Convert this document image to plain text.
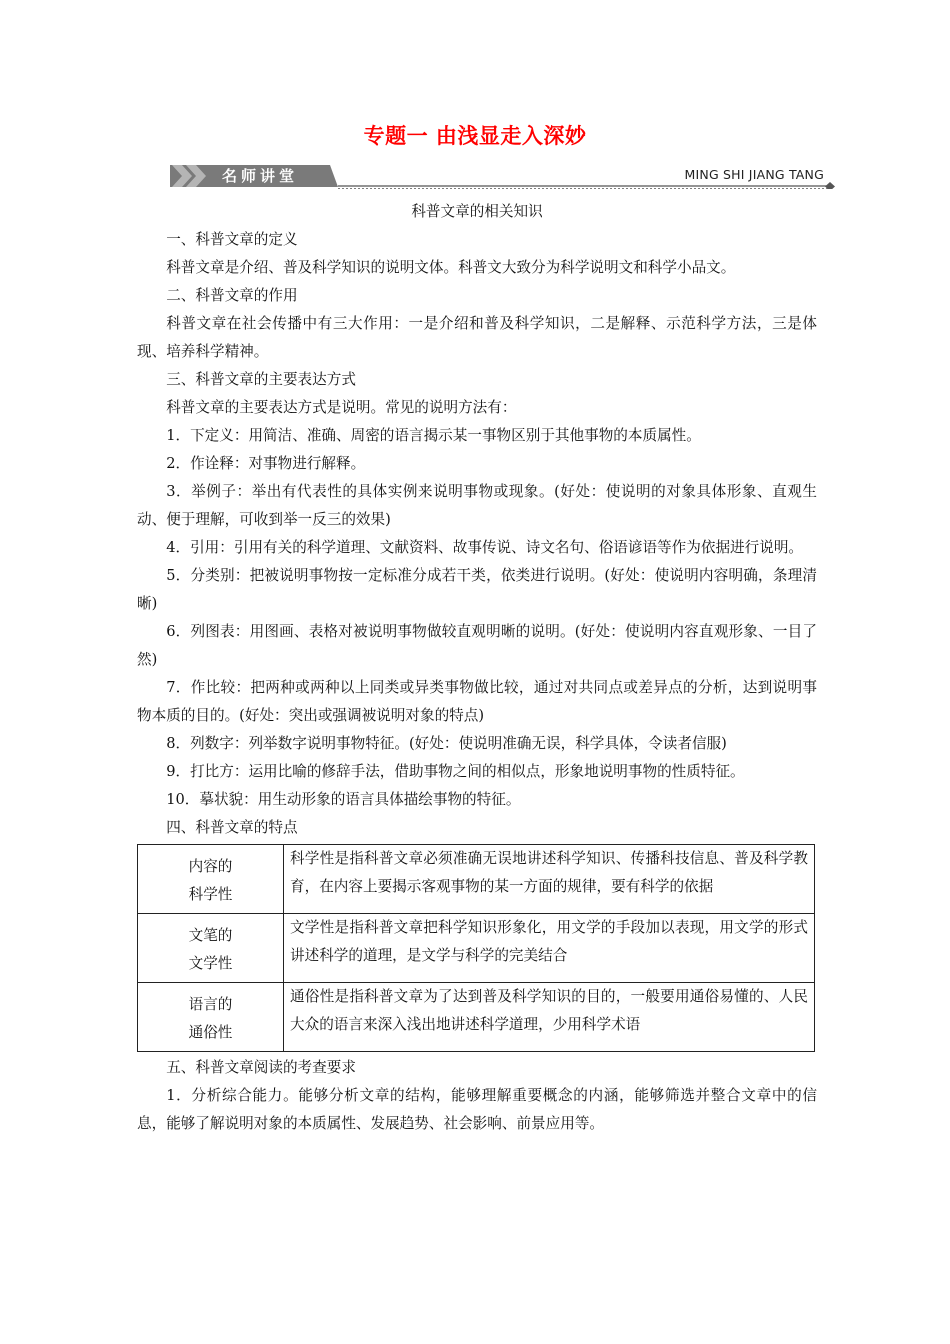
专题一 由浅显走入深妙
名师讲堂	MING SHI JIANG TANG
科普文章的相关知识

一、科普文章的定义

科普文章是介绍、普及科学知识的说明文体。科普文大致分为科学说明文和科学小品文。

二、科普文章的作用

科普文章在社会传播中有三大作用：一是介绍和普及科学知识，二是解释、示范科学方法，三是体现、培养科学精神。

三、科普文章的主要表达方式

科普文章的主要表达方式是说明。常见的说明方法有：

1．下定义：用简洁、准确、周密的语言揭示某一事物区别于其他事物的本质属性。

2．作诠释：对事物进行解释。

3．举例子：举出有代表性的具体实例来说明事物或现象。(好处：使说明的对象具体形象、直观生动、便于理解，可收到举一反三的效果)

4．引用：引用有关的科学道理、文献资料、故事传说、诗文名句、俗语谚语等作为依据进行说明。

5．分类别：把被说明事物按一定标准分成若干类，依类进行说明。(好处：使说明内容明确，条理清晰)

6．列图表：用图画、表格对被说明事物做较直观明晰的说明。(好处：使说明内容直观形象、一目了然)

7．作比较：把两种或两种以上同类或异类事物做比较，通过对共同点或差异点的分析，达到说明事物本质的目的。(好处：突出或强调被说明对象的特点)

8．列数字：列举数字说明事物特征。(好处：使说明准确无误，科学具体，令读者信服)

9．打比方：运用比喻的修辞手法，借助事物之间的相似点，形象地说明事物的性质特征。

10．摹状貌：用生动形象的语言具体描绘事物的特征。

四、科普文章的特点

内容的
科学性	科学性是指科普文章必须准确无误地讲述科学知识、传播科技信息、普及科学教育，在内容上要揭示客观事物的某一方面的规律，要有科学的依据

文笔的
文学性	文学性是指科普文章把科学知识形象化，用文学的手段加以表现，用文学的形式讲述科学的道理，是文学与科学的完美结合

语言的
通俗性	通俗性是指科普文章为了达到普及科学知识的目的，一般要用通俗易懂的、人民大众的语言来深入浅出地讲述科学道理，少用科学术语

五、科普文章阅读的考查要求

1．分析综合能力。能够分析文章的结构，能够理解重要概念的内涵，能够筛选并整合文章中的信息，能够了解说明对象的本质属性、发展趋势、社会影响、前景应用等。
